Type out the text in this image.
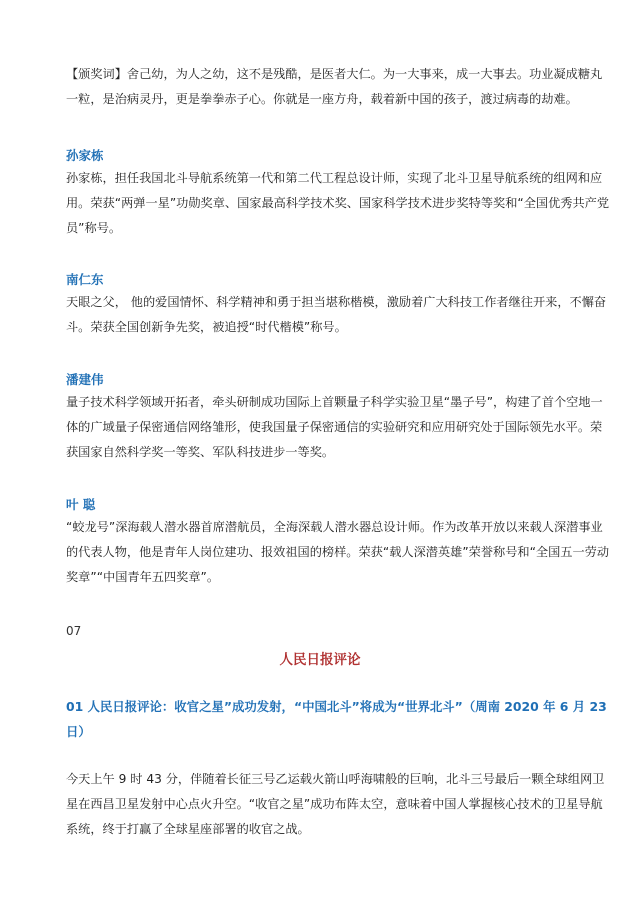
【颁奖词】舍己幼，为人之幼，这不是残酷，是医者大仁。为一大事来，成一大事去。功业凝成糖丸一粒，是治病灵丹，更是拳拳赤子心。你就是一座方舟，载着新中国的孩子，渡过病毒的劫难。

孙家栋

孙家栋，担任我国北斗导航系统第一代和第二代工程总设计师，实现了北斗卫星导航系统的组网和应用。荣获“两弹一星”功勋奖章、国家最高科学技术奖、国家科学技术进步奖特等奖和“全国优秀共产党员”称号。

南仁东

天眼之父， 他的爱国情怀、科学精神和勇于担当堪称楷模，激励着广大科技工作者继往开来，不懈奋斗。荣获全国创新争先奖，被追授“时代楷模”称号。

潘建伟

量子技术科学领域开拓者，牵头研制成功国际上首颗量子科学实验卫星“墨子号”，构建了首个空地一体的广域量子保密通信网络雏形，使我国量子保密通信的实验研究和应用研究处于国际领先水平。荣获国家自然科学奖一等奖、军队科技进步一等奖。

叶 聪

“蛟龙号”深海载人潜水器首席潜航员，全海深载人潜水器总设计师。作为改革开放以来载人深潜事业的代表人物，他是青年人岗位建功、报效祖国的榜样。荣获“载人深潜英雄”荣誉称号和“全国五一劳动奖章”“中国青年五四奖章”。

07
人民日报评论

01 人民日报评论：收官之星”成功发射，“中国北斗”将成为“世界北斗”（周南 2020 年 6 月 23 日）

今天上午 9 时 43 分，伴随着长征三号乙运载火箭山呼海啸般的巨响，北斗三号最后一颗全球组网卫星在西昌卫星发射中心点火升空。“收官之星”成功布阵太空，意味着中国人掌握核心技术的卫星导航系统，终于打赢了全球星座部署的收官之战。
